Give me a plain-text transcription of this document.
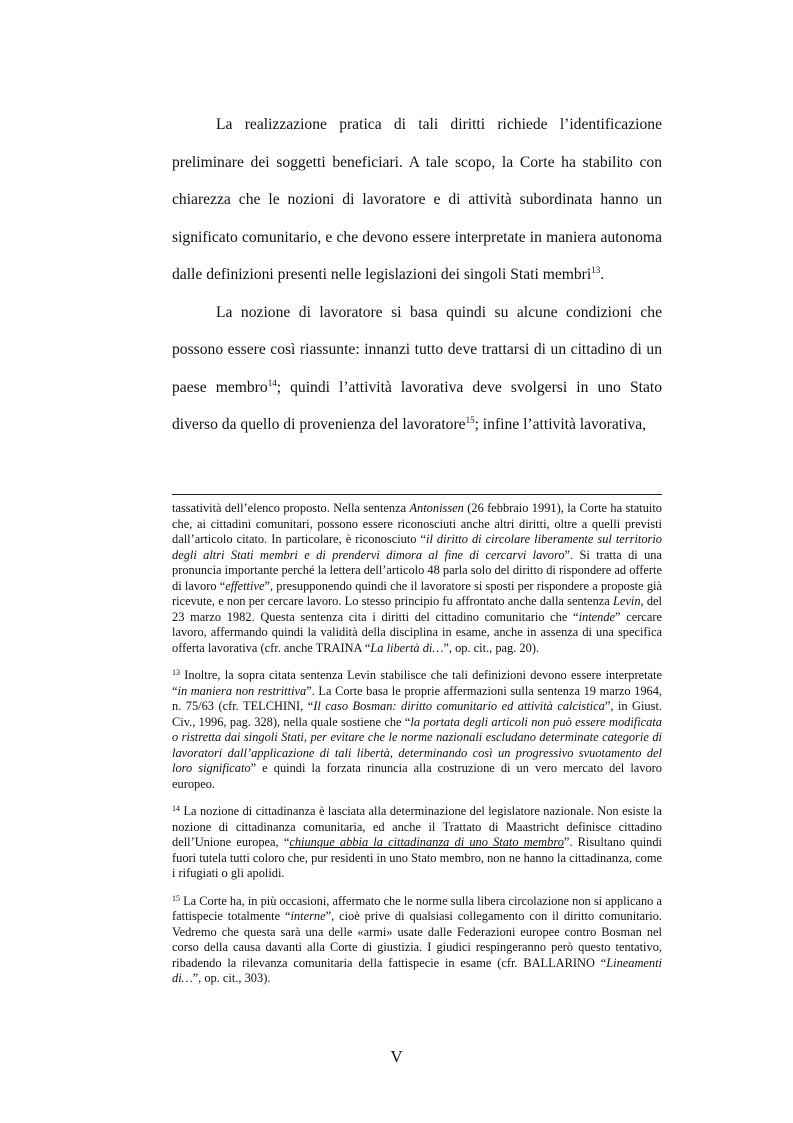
La realizzazione pratica di tali diritti richiede l’identificazione preliminare dei soggetti beneficiari. A tale scopo, la Corte ha stabilito con chiarezza che le nozioni di lavoratore e di attività subordinata hanno un significato comunitario, e che devono essere interpretate in maniera autonoma dalle definizioni presenti nelle legislazioni dei singoli Stati membri$^{13}$.

La nozione di lavoratore si basa quindi su alcune condizioni che possono essere così riassunte: innanzi tutto deve trattarsi di un cittadino di un paese membro$^{14}$; quindi l’attività lavorativa deve svolgersi in uno Stato diverso da quello di provenienza del lavoratore$^{15}$; infine l’attività lavorativa,

tassatività dell’elenco proposto. Nella sentenza Antonissen (26 febbraio 1991), la Corte ha statuito che, ai cittadini comunitari, possono essere riconosciuti anche altri diritti, oltre a quelli previsti dall’articolo citato. In particolare, è riconosciuto “il diritto di circolare liberamente sul territorio degli altri Stati membri e di prendervi dimora al fine di cercarvi lavoro”. Si tratta di una pronuncia importante perché la lettera dell’articolo 48 parla solo del diritto di rispondere ad offerte di lavoro “effettive”, presupponendo quindi che il lavoratore si sposti per rispondere a proposte già ricevute, e non per cercare lavoro. Lo stesso principio fu affrontato anche dalla sentenza Levin, del 23 marzo 1982. Questa sentenza cita i diritti del cittadino comunitario che “intende” cercare lavoro, affermando quindi la validità della disciplina in esame, anche in assenza di una specifica offerta lavorativa (cfr. anche TRAINA “La libertà di…”, op. cit., pag. 20).

$^{13}$ Inoltre, la sopra citata sentenza Levin stabilisce che tali definizioni devono essere interpretate “in maniera non restrittiva”. La Corte basa le proprie affermazioni sulla sentenza 19 marzo 1964, n. 75/63 (cfr. TELCHINI, “Il caso Bosman: diritto comunitario ed attività calcistica”, in Giust. Civ., 1996, pag. 328), nella quale sostiene che “la portata degli articoli non può essere modificata o ristretta dai singoli Stati, per evitare che le norme nazionali escludano determinate categorie di lavoratori dall’applicazione di tali libertà, determinando così un progressivo svuotamento del loro significato” e quindi la forzata rinuncia alla costruzione di un vero mercato del lavoro europeo.

$^{14}$ La nozione di cittadinanza è lasciata alla determinazione del legislatore nazionale. Non esiste la nozione di cittadinanza comunitaria, ed anche il Trattato di Maastricht definisce cittadino dell’Unione europea, “chiunque abbia la cittadinanza di uno Stato membro”. Risultano quindi fuori tutela tutti coloro che, pur residenti in uno Stato membro, non ne hanno la cittadinanza, come i rifugiati o gli apolidi.

$^{15}$ La Corte ha, in più occasioni, affermato che le norme sulla libera circolazione non si applicano a fattispecie totalmente “interne”, cioè prive di qualsiasi collegamento con il diritto comunitario. Vedremo che questa sarà una delle «armi» usate dalle Federazioni europee contro Bosman nel corso della causa davanti alla Corte di giustizia. I giudici respingeranno però questo tentativo, ribadendo la rilevanza comunitaria della fattispecie in esame (cfr. BALLARINO “Lineamenti di…”, op. cit., 303).

V
